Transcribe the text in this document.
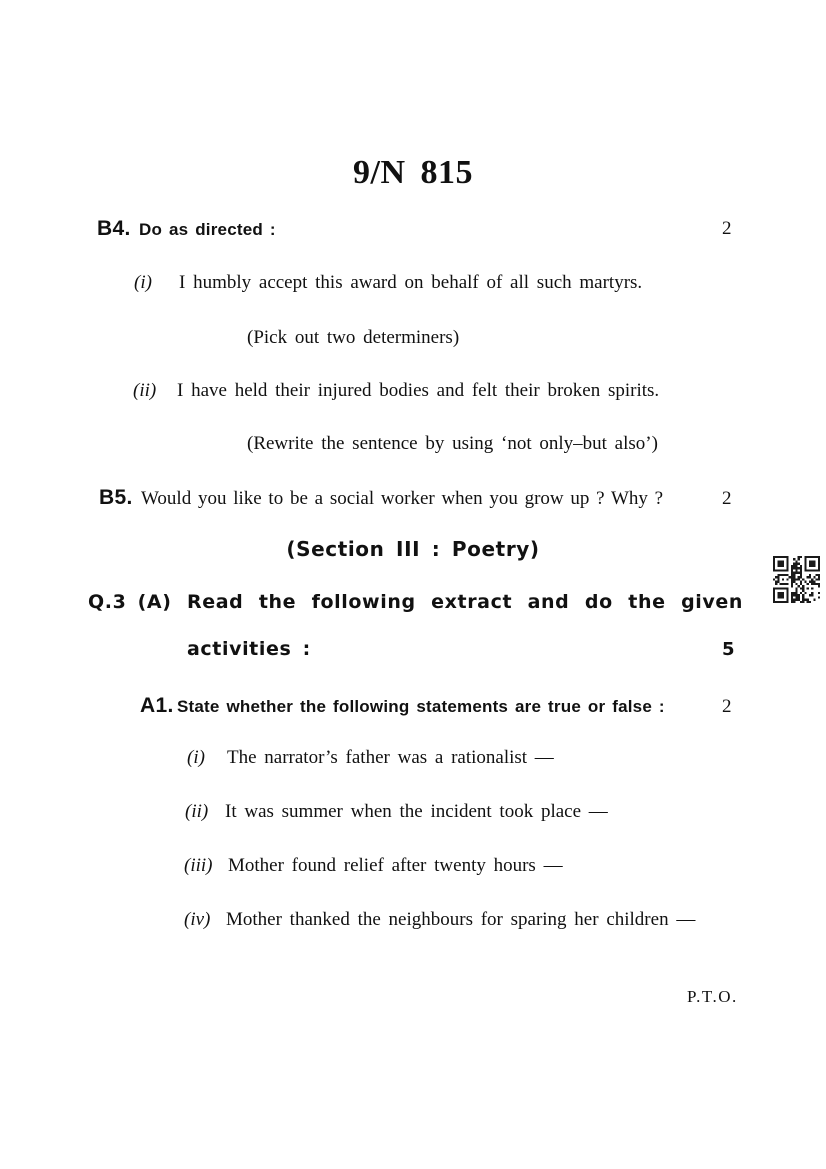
9/N 815
B4. Do as directed :	2
(i) I humbly accept this award on behalf of all such martyrs.
(Pick out two determiners)
(ii) I have held their injured bodies and felt their broken spirits.
(Rewrite the sentence by using ‘not only–but also’)
B5. Would you like to be a social worker when you grow up ? Why ?	2
(Section III : Poetry)
Q.3 (A) Read the following extract and do the given
activities :	5
A1. State whether the following statements are true or false :	2
(i) The narrator’s father was a rationalist —
(ii) It was summer when the incident took place —
(iii) Mother found relief after twenty hours —
(iv) Mother thanked the neighbours for sparing her children —
P.T.O.
